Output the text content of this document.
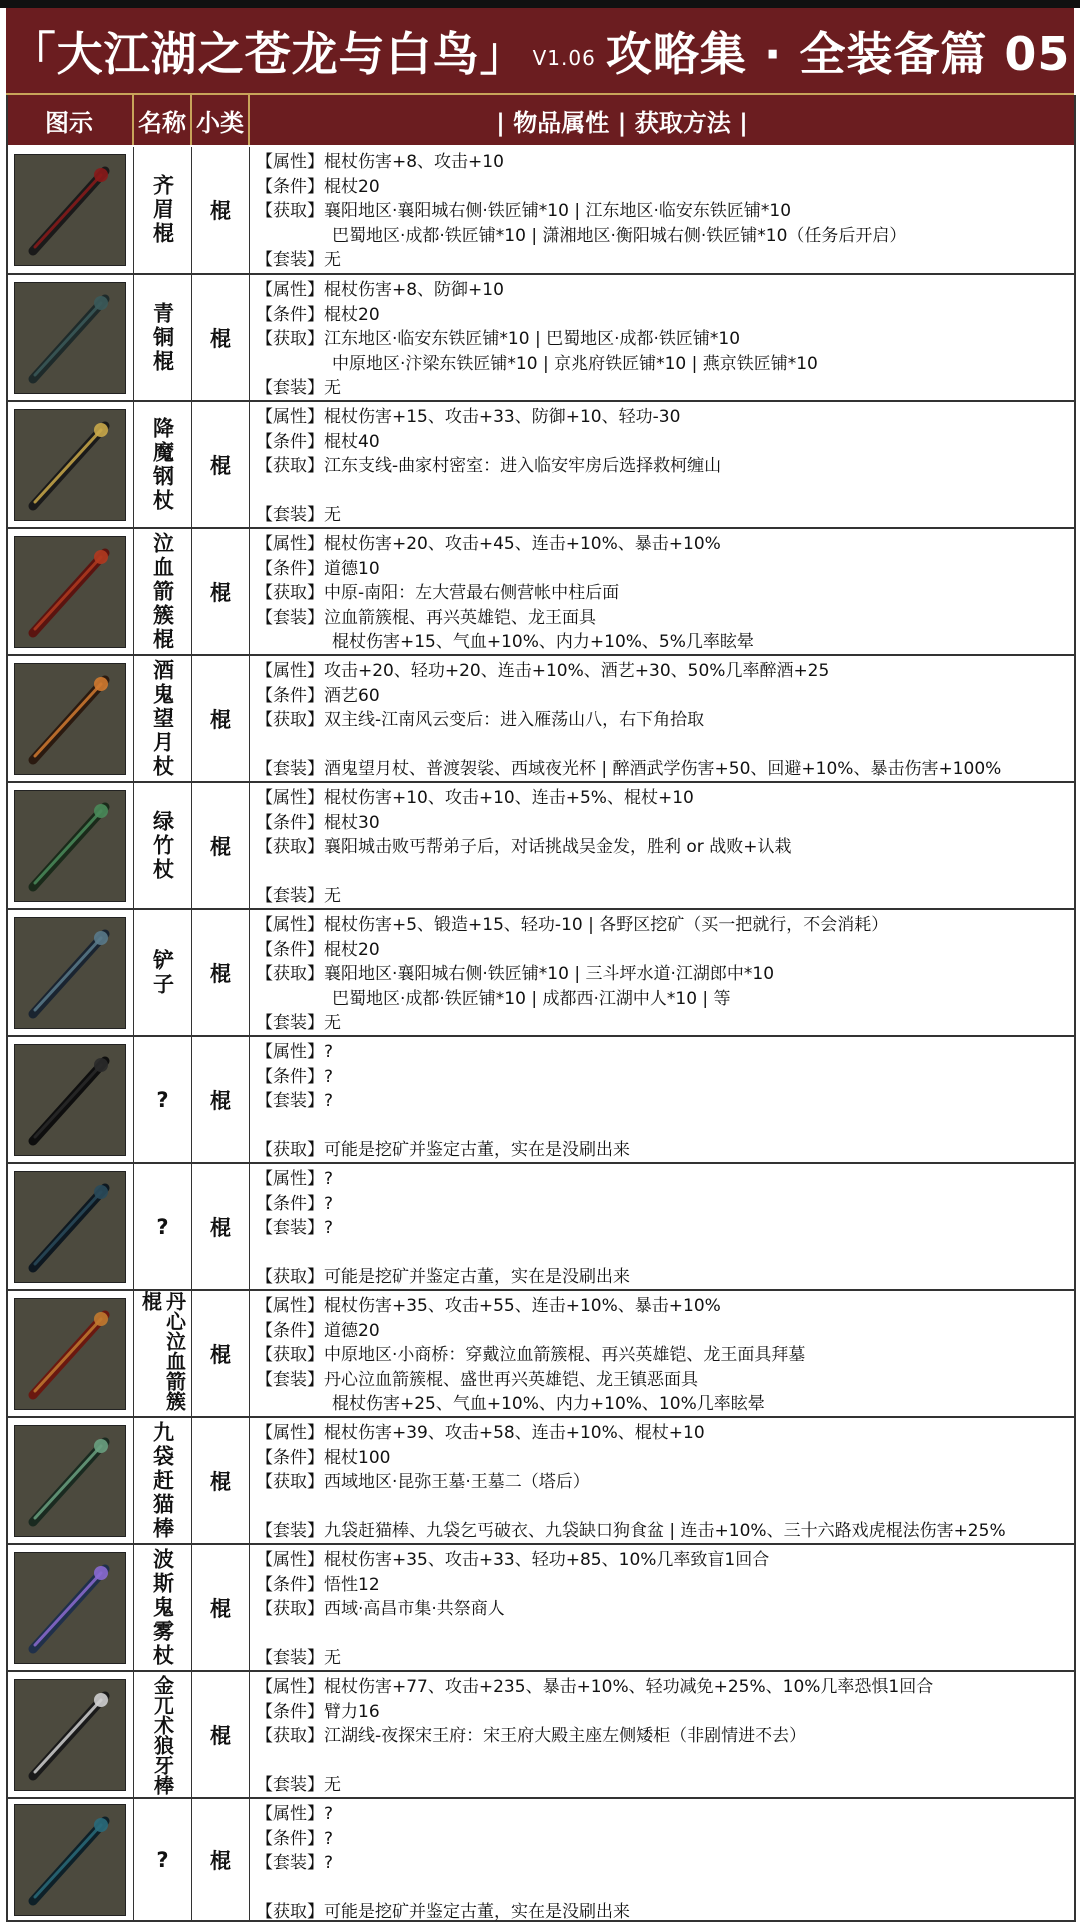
「大江湖之苍龙与白鸟」 V1.06 攻略集 · 全装备篇 05
图示	名称 小类	| 物品属性 | 获取方法 |
齐眉棍	棍
【属性】棍杖伤害+8、攻击+10
【条件】棍杖20
【获取】襄阳地区·襄阳城右侧·铁匠铺*10 | 江东地区·临安东铁匠铺*10
巴蜀地区·成都·铁匠铺*10 | 潇湘地区·衡阳城右侧·铁匠铺*10（任务后开启）
【套装】无
青铜棍	棍
【属性】棍杖伤害+8、防御+10
【条件】棍杖20
【获取】江东地区·临安东铁匠铺*10 | 巴蜀地区·成都·铁匠铺*10
中原地区·汴梁东铁匠铺*10 | 京兆府铁匠铺*10 | 燕京铁匠铺*10
【套装】无
降魔钢杖	棍
【属性】棍杖伤害+15、攻击+33、防御+10、轻功-30
【条件】棍杖40
【获取】江东支线-曲家村密室：进入临安牢房后选择救柯缠山
【套装】无
泣血箭簇棍	棍
【属性】棍杖伤害+20、攻击+45、连击+10%、暴击+10%
【条件】道德10
【获取】中原-南阳：左大营最右侧营帐中柱后面
【套装】泣血箭簇棍、再兴英雄铠、龙王面具
棍杖伤害+15、气血+10%、内力+10%、5%几率眩晕
酒鬼望月杖	棍
【属性】攻击+20、轻功+20、连击+10%、酒艺+30、50%几率醉酒+25
【条件】酒艺60
【获取】双主线-江南风云变后：进入雁荡山八，右下角拾取
【套装】酒鬼望月杖、普渡袈裟、西域夜光杯 | 醉酒武学伤害+50、回避+10%、暴击伤害+100%
绿竹杖	棍
【属性】棍杖伤害+10、攻击+10、连击+5%、棍杖+10
【条件】棍杖30
【获取】襄阳城击败丐帮弟子后，对话挑战吴金发，胜利 or 战败+认栽
【套装】无
铲子	棍
【属性】棍杖伤害+5、锻造+15、轻功-10 | 各野区挖矿（买一把就行，不会消耗）
【条件】棍杖20
【获取】襄阳地区·襄阳城右侧·铁匠铺*10 | 三斗坪水道·江湖郎中*10
巴蜀地区·成都·铁匠铺*10 | 成都西·江湖中人*10 | 等
【套装】无
?	棍
【属性】?
【条件】?
【套装】?
【获取】可能是挖矿并鉴定古董，实在是没刷出来
?	棍
【属性】?
【条件】?
【套装】?
【获取】可能是挖矿并鉴定古董，实在是没刷出来
丹心泣血箭簇棍
棍
【属性】棍杖伤害+35、攻击+55、连击+10%、暴击+10%
【条件】道德20
【获取】中原地区·小商桥：穿戴泣血箭簇棍、再兴英雄铠、龙王面具拜墓
【套装】丹心泣血箭簇棍、盛世再兴英雄铠、龙王镇恶面具
棍杖伤害+25、气血+10%、内力+10%、10%几率眩晕
九袋赶猫棒	棍
【属性】棍杖伤害+39、攻击+58、连击+10%、棍杖+10
【条件】棍杖100
【获取】西域地区·昆弥王墓·王墓二（塔后）
【套装】九袋赶猫棒、九袋乞丐破衣、九袋缺口狗食盆 | 连击+10%、三十六路戏虎棍法伤害+25%
波斯鬼雾杖	棍
【属性】棍杖伤害+35、攻击+33、轻功+85、10%几率致盲1回合
【条件】悟性12
【获取】西域·高昌市集·共祭商人
【套装】无
金兀术狼牙棒	棍
【属性】棍杖伤害+77、攻击+235、暴击+10%、轻功减免+25%、10%几率恐惧1回合
【条件】臂力16
【获取】江湖线-夜探宋王府：宋王府大殿主座左侧矮柜（非剧情进不去）
【套装】无
?	棍
【属性】?
【条件】?
【套装】?
【获取】可能是挖矿并鉴定古董，实在是没刷出来
